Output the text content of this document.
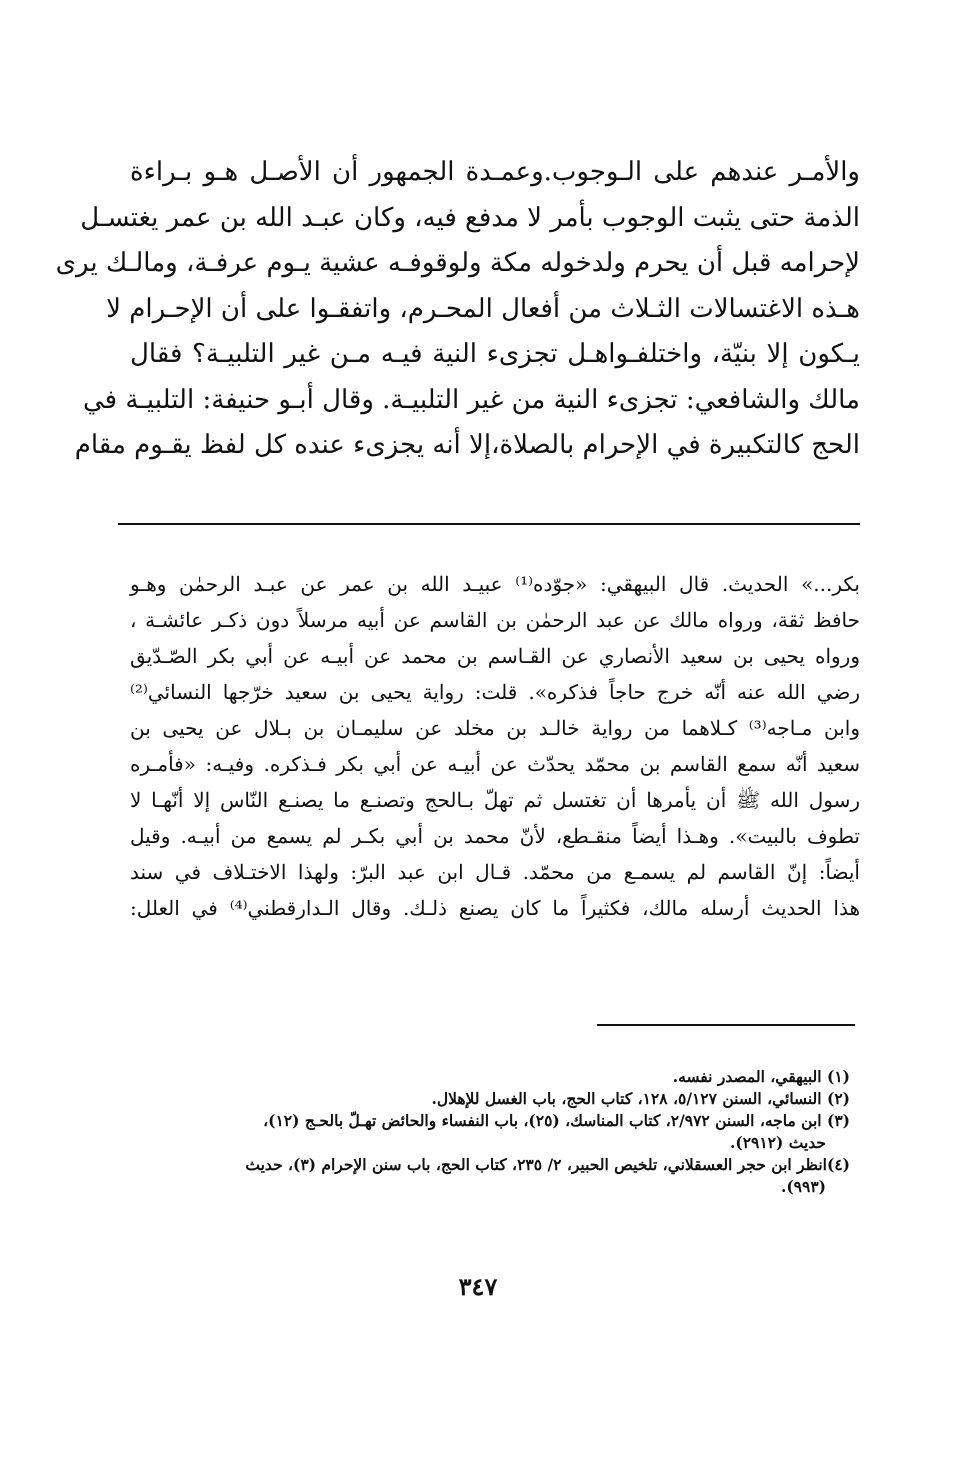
والأمـر عندهم على الـوجوب.وعمـدة الجمهور أن الأصـل هـو بـراءة
الذمة حتى يثبت الوجوب بأمر لا مدفع فيه، وكان عبـد الله بن عمر يغتسـل
لإحرامه قبل أن يحرم ولدخوله مكة ولوقوفـه عشية يـوم عرفـة، ومالـك يرى
هـذه الاغتسالات الثـلاث من أفعال المحـرم، واتفقـوا على أن الإحـرام لا
يـكون إلا بنيّة، واختلفـواهـل تجزىء النية فيـه مـن غير التلبيـة؟ فقال
مالك والشافعي: تجزىء النية من غير التلبيـة. وقال أبـو حنيفة: التلبيـة في
الحج كالتكبيرة في الإحرام بالصلاة،إلا أنه يجزىء عنده كل لفظ يقـوم مقام
بكر...» الحديث. قال البيهقي: «جوّده⁽¹⁾ عبيـد الله بن عمر عن عبـد الرحمٰن وهـو
حافظ ثقة، ورواه مالك عن عبد الرحمٰن بن القاسم عن أبيه مرسلاً دون ذكـر عائشـة ،
ورواه يحيى بن سعيد الأنصاري عن القـاسم بن محمد عن أبيـه عن أبي بكر الصّـدّيق
رضي الله عنه أنّه خرج حاجاً فذكره». قلت: رواية يحيى بن سعيد خرّجها النسائي⁽²⁾
وابن مـاجه⁽³⁾ كـلاهما من رواية خالـد بن مخلد عن سليمـان بن بـلال عن يحيى بن
سعيد أنّه سمع القاسم بن محمّد يحدّث عن أبيـه عن أبي بكر فـذكره. وفيـه: «فأمـره
رسول الله ﷺ أن يأمرها أن تغتسل ثم تهلّ بـالحج وتصنـع ما يصنـع النّاس إلا أنّهـا لا
تطوف بالبيت». وهـذا أيضاً منقـطع، لأنّ محمد بن أبي بكـر لم يسمع من أبيـه. وقيل
أيضاً: إنّ القاسم لم يسمـع من محمّد. قـال ابن عبد البرّ: ولهذا الاختـلاف في سند
هذا الحديث أرسله مالك، فكثيراً ما كان يصنع ذلـك. وقال الـدارقطني⁽⁴⁾ في العلل:
(١) البيهقي، المصدر نفسه.
(٢) النسائي، السنن ٥/١٢٧، ١٢٨، كتاب الحج، باب الغسل للإهلال.
(٣) ابن ماجه، السنن ٢/٩٧٢، كتاب المناسك، (٢٥)، باب النفساء والحائض تهـلّ بالحـج (١٢)،
حديث (٢٩١٢).
(٤)انظر ابن حجر العسقلاني، تلخيص الحبير، ٢/ ٢٣٥، كتاب الحج، باب سنن الإحرام (٣)، حديث
(٩٩٣).
٣٤٧
